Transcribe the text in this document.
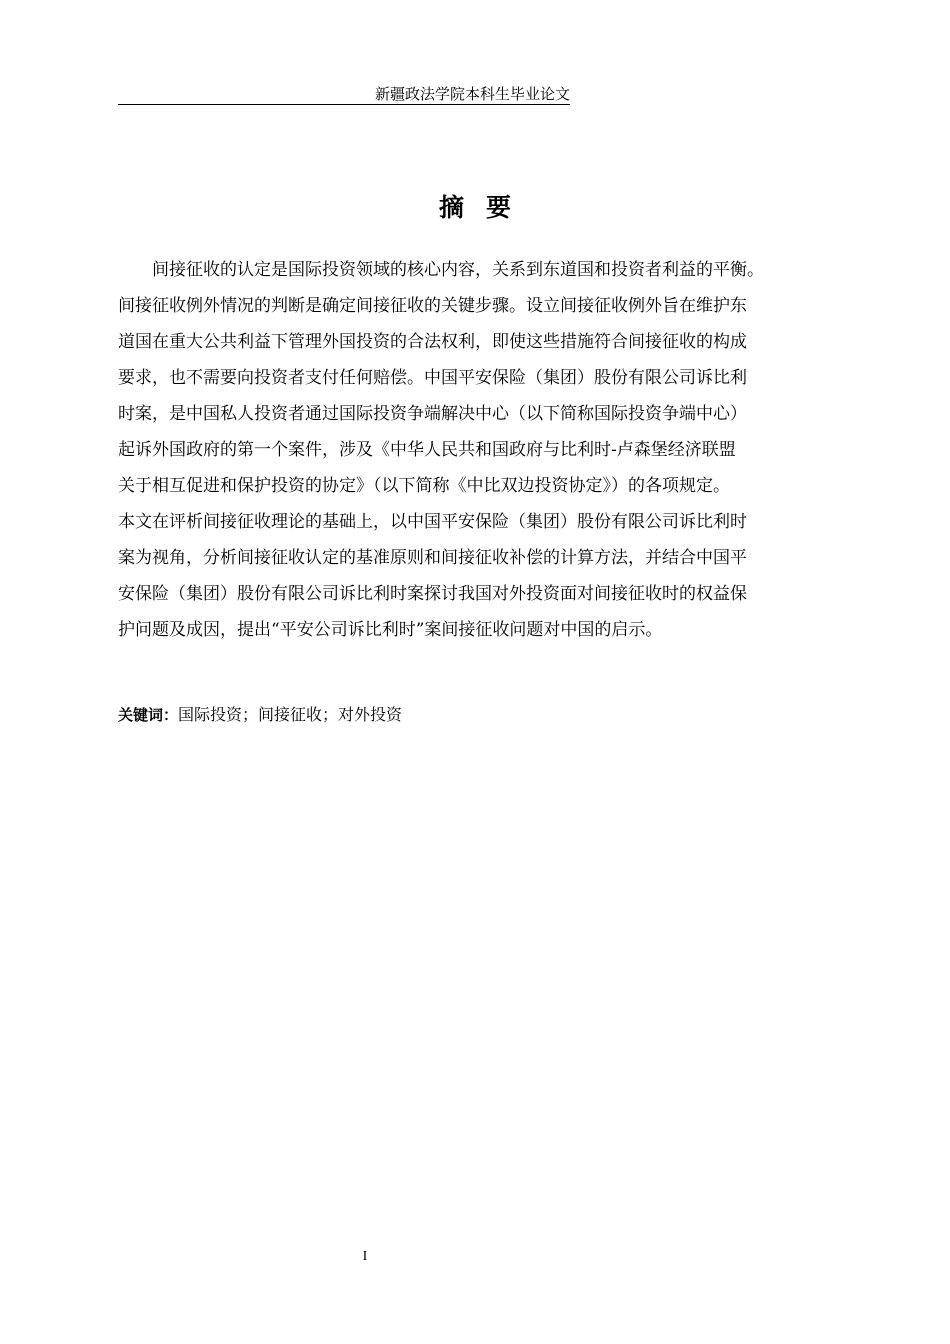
新疆政法学院本科生毕业论文
摘要
　　间接征收的认定是国际投资领域的核心内容，关系到东道国和投资者利益的平衡。
间接征收例外情况的判断是确定间接征收的关键步骤。设立间接征收例外旨在维护东
道国在重大公共利益下管理外国投资的合法权利，即使这些措施符合间接征收的构成
要求，也不需要向投资者支付任何赔偿。中国平安保险（集团）股份有限公司诉比利
时案，是中国私人投资者通过国际投资争端解决中心（以下简称国际投资争端中心）
起诉外国政府的第一个案件，涉及《中华人民共和国政府与比利时-卢森堡经济联盟
关于相互促进和保护投资的协定》（以下简称《中比双边投资协定》）的各项规定。
本文在评析间接征收理论的基础上，以中国平安保险（集团）股份有限公司诉比利时
案为视角，分析间接征收认定的基准原则和间接征收补偿的计算方法，并结合中国平
安保险（集团）股份有限公司诉比利时案探讨我国对外投资面对间接征收时的权益保
护问题及成因，提出“平安公司诉比利时”案间接征收问题对中国的启示。
关键词：国际投资；间接征收；对外投资
I
